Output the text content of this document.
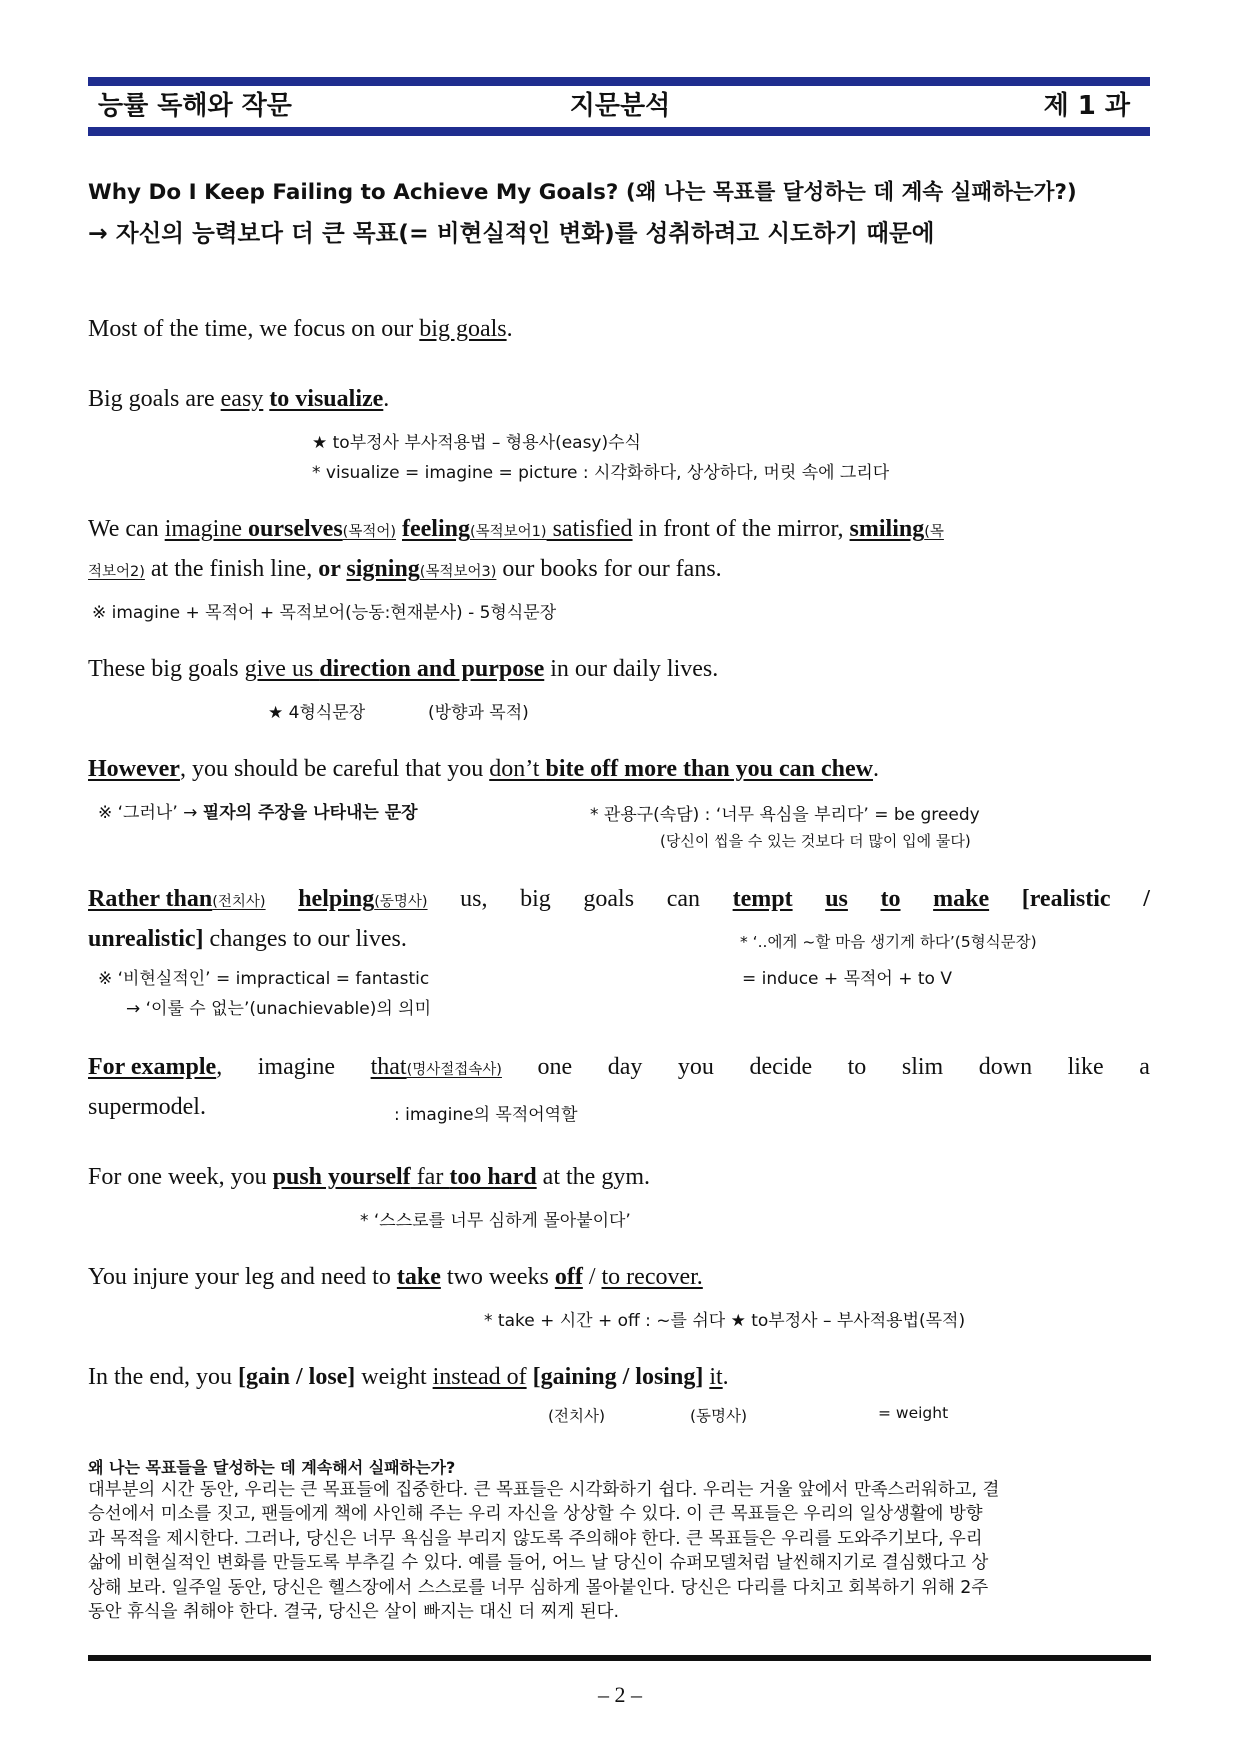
능률 독해와 작문	지문분석	제 1 과
Why Do I Keep Failing to Achieve My Goals? (왜 나는 목표를 달성하는 데 계속 실패하는가?)
→ 자신의 능력보다 더 큰 목표(= 비현실적인 변화)를 성취하려고 시도하기 때문에
Most of the time, we focus on our big goals.
Big goals are easy to visualize.
★ to부정사 부사적용법 – 형용사(easy)수식
* visualize = imagine = picture : 시각화하다, 상상하다, 머릿 속에 그리다
We can imagine ourselves(목적어) feeling(목적보어1) satisfied in front of the mirror, smiling(목
적보어2) at the finish line, or signing(목적보어3) our books for our fans.
※ imagine + 목적어 + 목적보어(능동:현재분사) - 5형식문장
These big goals give us direction and purpose in our daily lives.
★ 4형식문장	(방향과 목적)
However, you should be careful that you don’t bite off more than you can chew.
※ ‘그러나’ → 필자의 주장을 나타내는 문장	* 관용구(속담) : ‘너무 욕심을 부리다’ = be greedy
(당신이 씹을 수 있는 것보다 더 많이 입에 물다)
Rather than(전치사) helping(동명사) us, big goals can tempt us to make [realistic /
unrealistic] changes to our lives.	* ‘..에게 ~할 마음 생기게 하다’(5형식문장)
※ ‘비현실적인’ = impractical = fantastic	= induce + 목적어 + to V
→ ‘이룰 수 없는’(unachievable)의 의미
For example, imagine that(명사절접속사) one day you decide to slim down like a
supermodel.	: imagine의 목적어역할
For one week, you push yourself far too hard at the gym.
* ‘스스로를 너무 심하게 몰아붙이다’
You injure your leg and need to take two weeks off / to recover.
* take + 시간 + off : ~를 쉬다 ★ to부정사 – 부사적용법(목적)
In the end, you [gain / lose] weight instead of [gaining / losing] it.
(전치사)	(동명사)	= weight
왜 나는 목표들을 달성하는 데 계속해서 실패하는가?
대부분의 시간 동안, 우리는 큰 목표들에 집중한다. 큰 목표들은 시각화하기 쉽다. 우리는 거울 앞에서 만족스러워하고, 결
승선에서 미소를 짓고, 팬들에게 책에 사인해 주는 우리 자신을 상상할 수 있다. 이 큰 목표들은 우리의 일상생활에 방향
과 목적을 제시한다. 그러나, 당신은 너무 욕심을 부리지 않도록 주의해야 한다. 큰 목표들은 우리를 도와주기보다, 우리
삶에 비현실적인 변화를 만들도록 부추길 수 있다. 예를 들어, 어느 날 당신이 슈퍼모델처럼 날씬해지기로 결심했다고 상
상해 보라. 일주일 동안, 당신은 헬스장에서 스스로를 너무 심하게 몰아붙인다. 당신은 다리를 다치고 회복하기 위해 2주
동안 휴식을 취해야 한다. 결국, 당신은 살이 빠지는 대신 더 찌게 된다.
– 2 –
